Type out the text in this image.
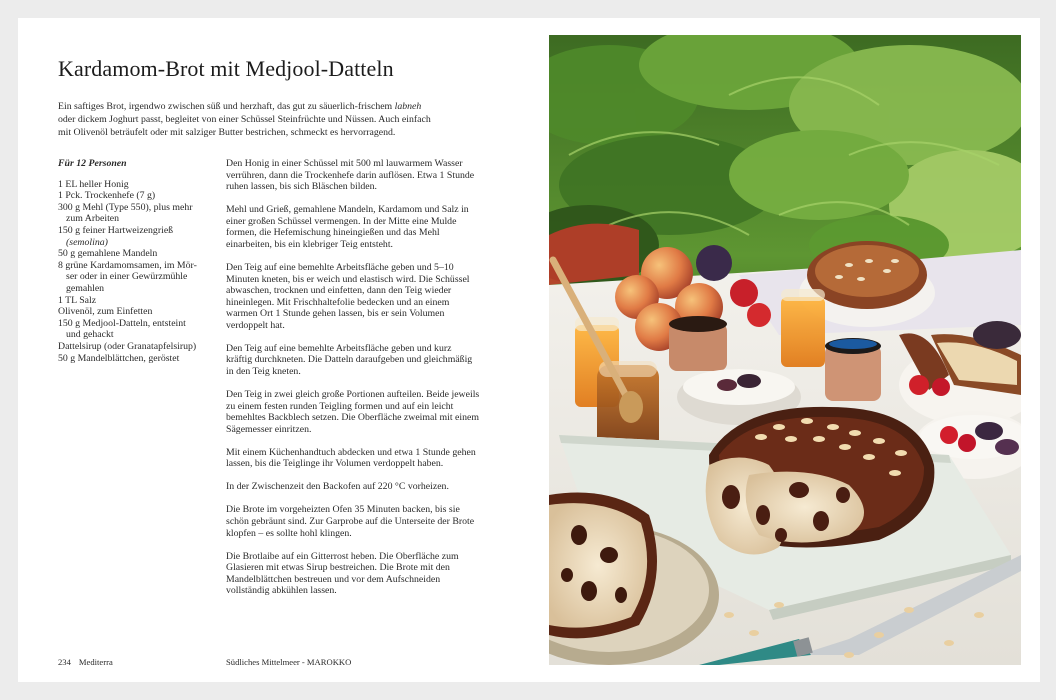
Kardamom-Brot mit Medjool-Datteln

Ein saftiges Brot, irgendwo zwischen süß und herzhaft, das gut zu säuerlich-frischem labneh oder dickem Joghurt passt, begleitet von einer Schüssel Steinfrüchte und Nüssen. Auch einfach mit Olivenöl beträufelt oder mit salziger Butter bestrichen, schmeckt es hervorragend.

Für 12 Personen
1 EL heller Honig
1 Pck. Trockenhefe (7 g)
300 g Mehl (Type 550), plus mehr
zum Arbeiten
150 g feiner Hartweizengrieß
(semolina)
50 g gemahlene Mandeln
8 grüne Kardamomsamen, im Mör-
ser oder in einer Gewürzmühle
gemahlen
1 TL Salz
Olivenöl, zum Einfetten
150 g Medjool-Datteln, entsteint
und gehackt
Dattelsirup (oder Granatapfelsirup)
50 g Mandelblättchen, geröstet

Den Honig in einer Schüssel mit 500 ml lauwarmem Wasser verrühren, dann die Trockenhefe darin auflösen. Etwa 1 Stunde ruhen lassen, bis sich Bläschen bilden.

Mehl und Grieß, gemahlene Mandeln, Kardamom und Salz in einer großen Schüssel vermengen. In der Mitte eine Mulde formen, die Hefemischung hineingießen und das Mehl einarbeiten, bis ein klebriger Teig entsteht.

Den Teig auf eine bemehlte Arbeitsfläche geben und 5–10 Minuten kneten, bis er weich und elastisch wird. Die Schüssel abwaschen, trocknen und einfetten, dann den Teig wieder hineinlegen. Mit Frischhaltefolie bedecken und an einem warmen Ort 1 Stunde gehen lassen, bis er sein Volumen verdoppelt hat.

Den Teig auf eine bemehlte Arbeitsfläche geben und kurz kräftig durchkneten. Die Datteln daraufgeben und gleichmäßig in den Teig kneten.

Den Teig in zwei gleich große Portionen aufteilen. Beide jeweils zu einem festen runden Teigling formen und auf ein leicht bemehltes Backblech setzen. Die Oberfläche zweimal mit einem Sägemesser einritzen.

Mit einem Küchenhandtuch abdecken und etwa 1 Stunde gehen lassen, bis die Teiglinge ihr Volumen verdoppelt haben.

In der Zwischenzeit den Backofen auf 220 °C vorheizen.

Die Brote im vorgeheizten Ofen 35 Minuten backen, bis sie schön gebräunt sind. Zur Garprobe auf die Unterseite der Brote klopfen – es sollte hohl klingen.

Die Brotlaibe auf ein Gitterrost heben. Die Oberfläche zum Glasieren mit etwas Sirup bestreichen. Die Brote mit den Mandelblättchen bestreuen und vor dem Aufschneiden vollständig abkühlen lassen.

234 Mediterra	Südliches Mittelmeer - MAROKKO
